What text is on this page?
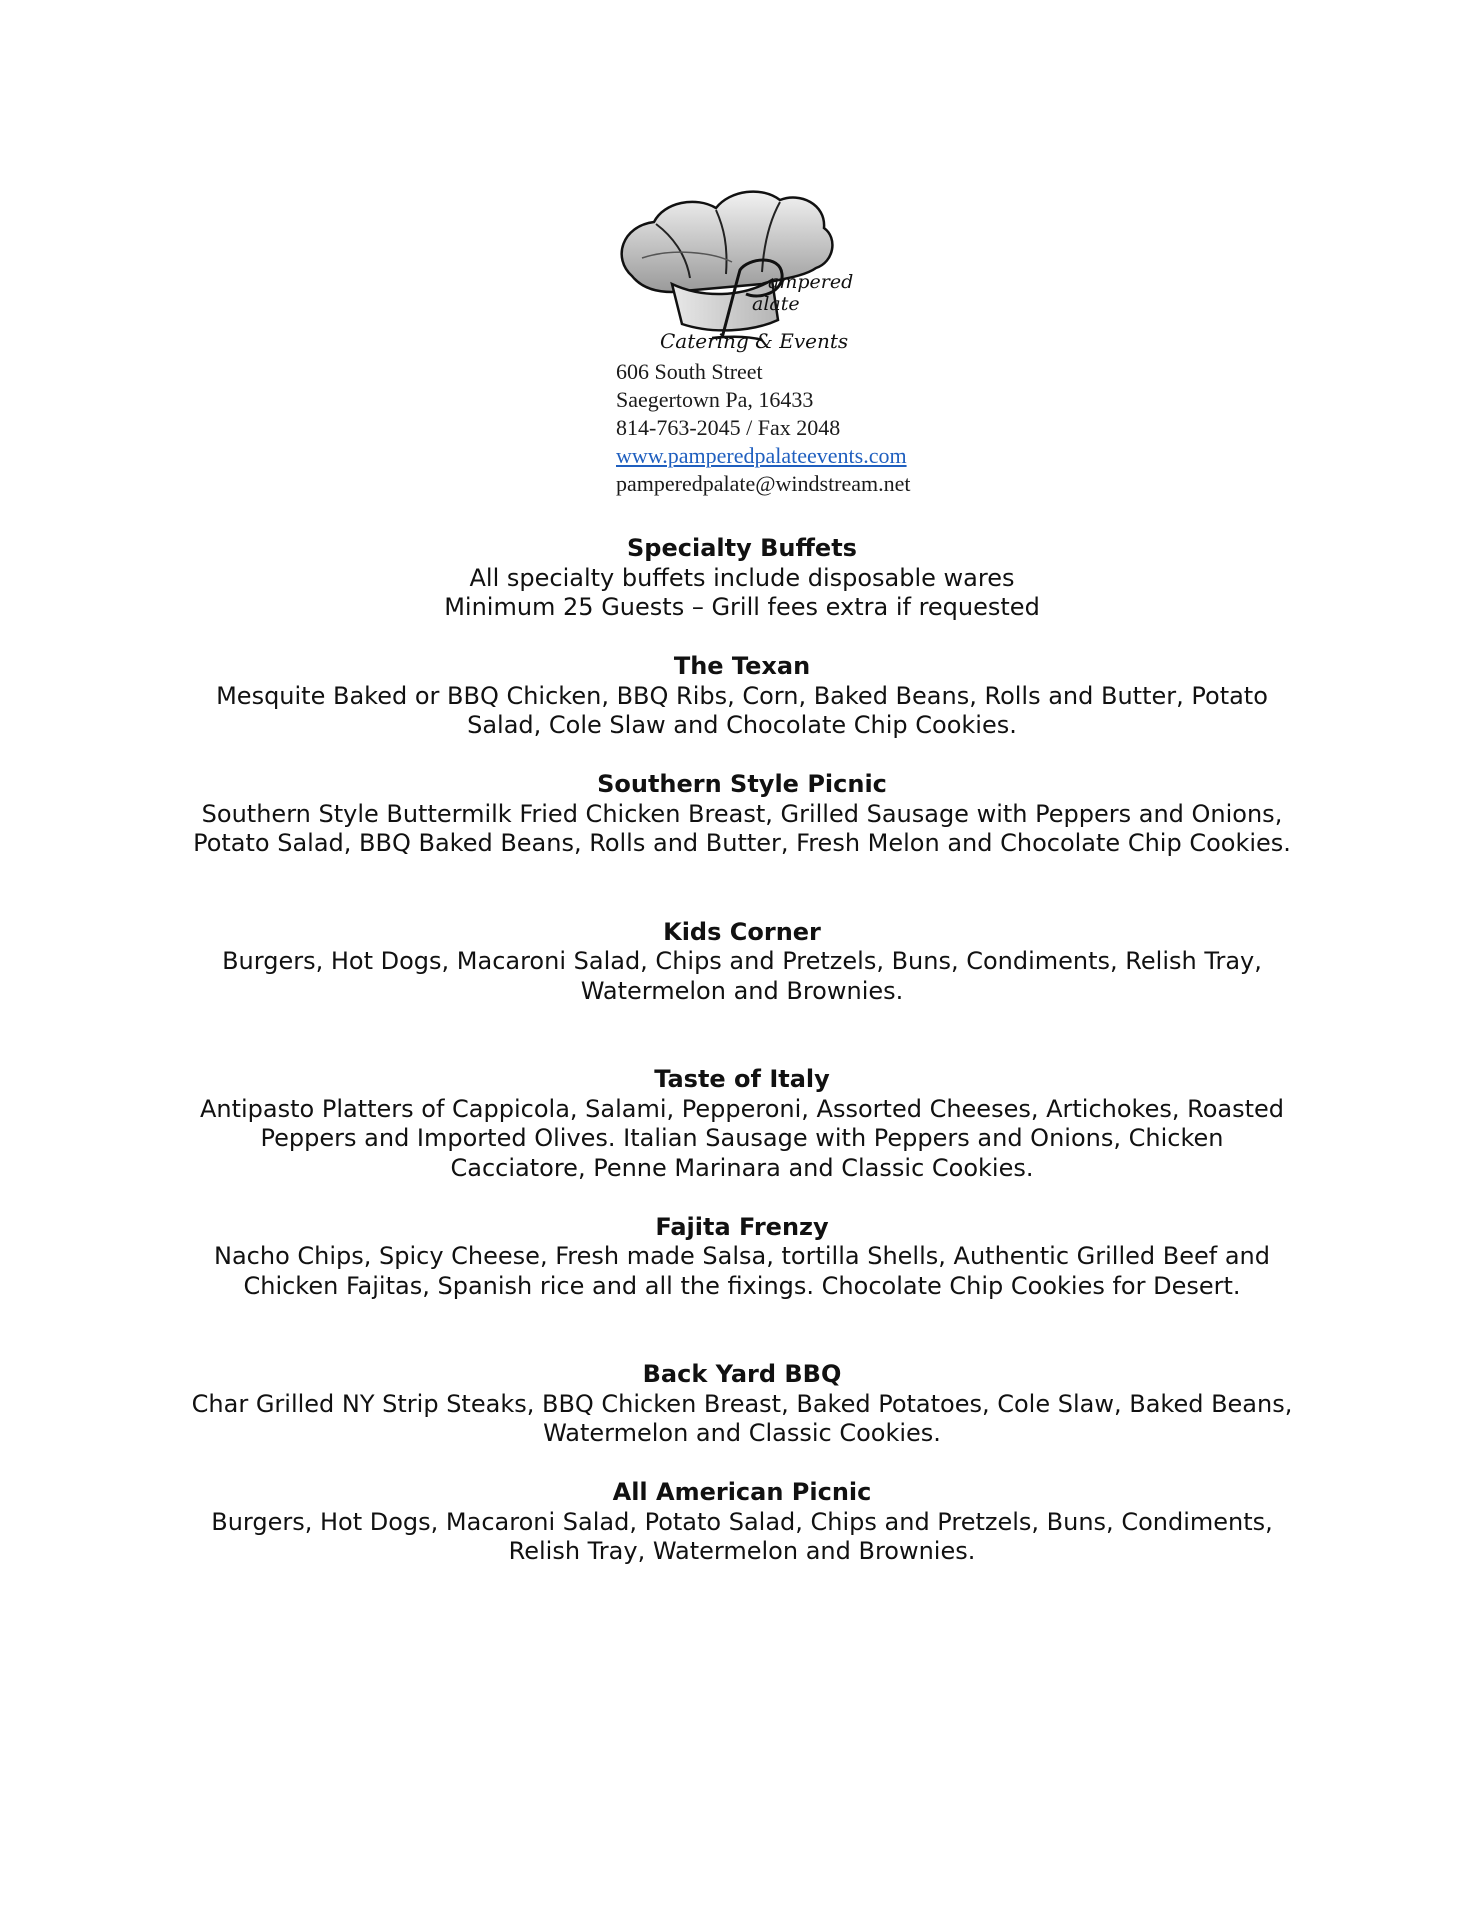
ampered
alate
Catering & Events
606 South Street
Saegertown Pa, 16433
814-763-2045 / Fax 2048
www.pamperedpalateevents.com
pamperedpalate@windstream.net

Specialty Buffets

All specialty buffets include disposable wares

Minimum 25 Guests – Grill fees extra if requested

The Texan

Mesquite Baked or BBQ Chicken, BBQ Ribs, Corn, Baked Beans, Rolls and Butter, Potato

Salad, Cole Slaw and Chocolate Chip Cookies.

Southern Style Picnic

Southern Style Buttermilk Fried Chicken Breast, Grilled Sausage with Peppers and Onions,

Potato Salad, BBQ Baked Beans, Rolls and Butter, Fresh Melon and Chocolate Chip Cookies.

Kids Corner

Burgers, Hot Dogs, Macaroni Salad, Chips and Pretzels, Buns, Condiments, Relish Tray,

Watermelon and Brownies.

Taste of Italy

Antipasto Platters of Cappicola, Salami, Pepperoni, Assorted Cheeses, Artichokes, Roasted

Peppers and Imported Olives. Italian Sausage with Peppers and Onions, Chicken

Cacciatore, Penne Marinara and Classic Cookies.

Fajita Frenzy

Nacho Chips, Spicy Cheese, Fresh made Salsa, tortilla Shells, Authentic Grilled Beef and

Chicken Fajitas, Spanish rice and all the fixings. Chocolate Chip Cookies for Desert.

Back Yard BBQ

Char Grilled NY Strip Steaks, BBQ Chicken Breast, Baked Potatoes, Cole Slaw, Baked Beans,

Watermelon and Classic Cookies.

All American Picnic

Burgers, Hot Dogs, Macaroni Salad, Potato Salad, Chips and Pretzels, Buns, Condiments,

Relish Tray, Watermelon and Brownies.
